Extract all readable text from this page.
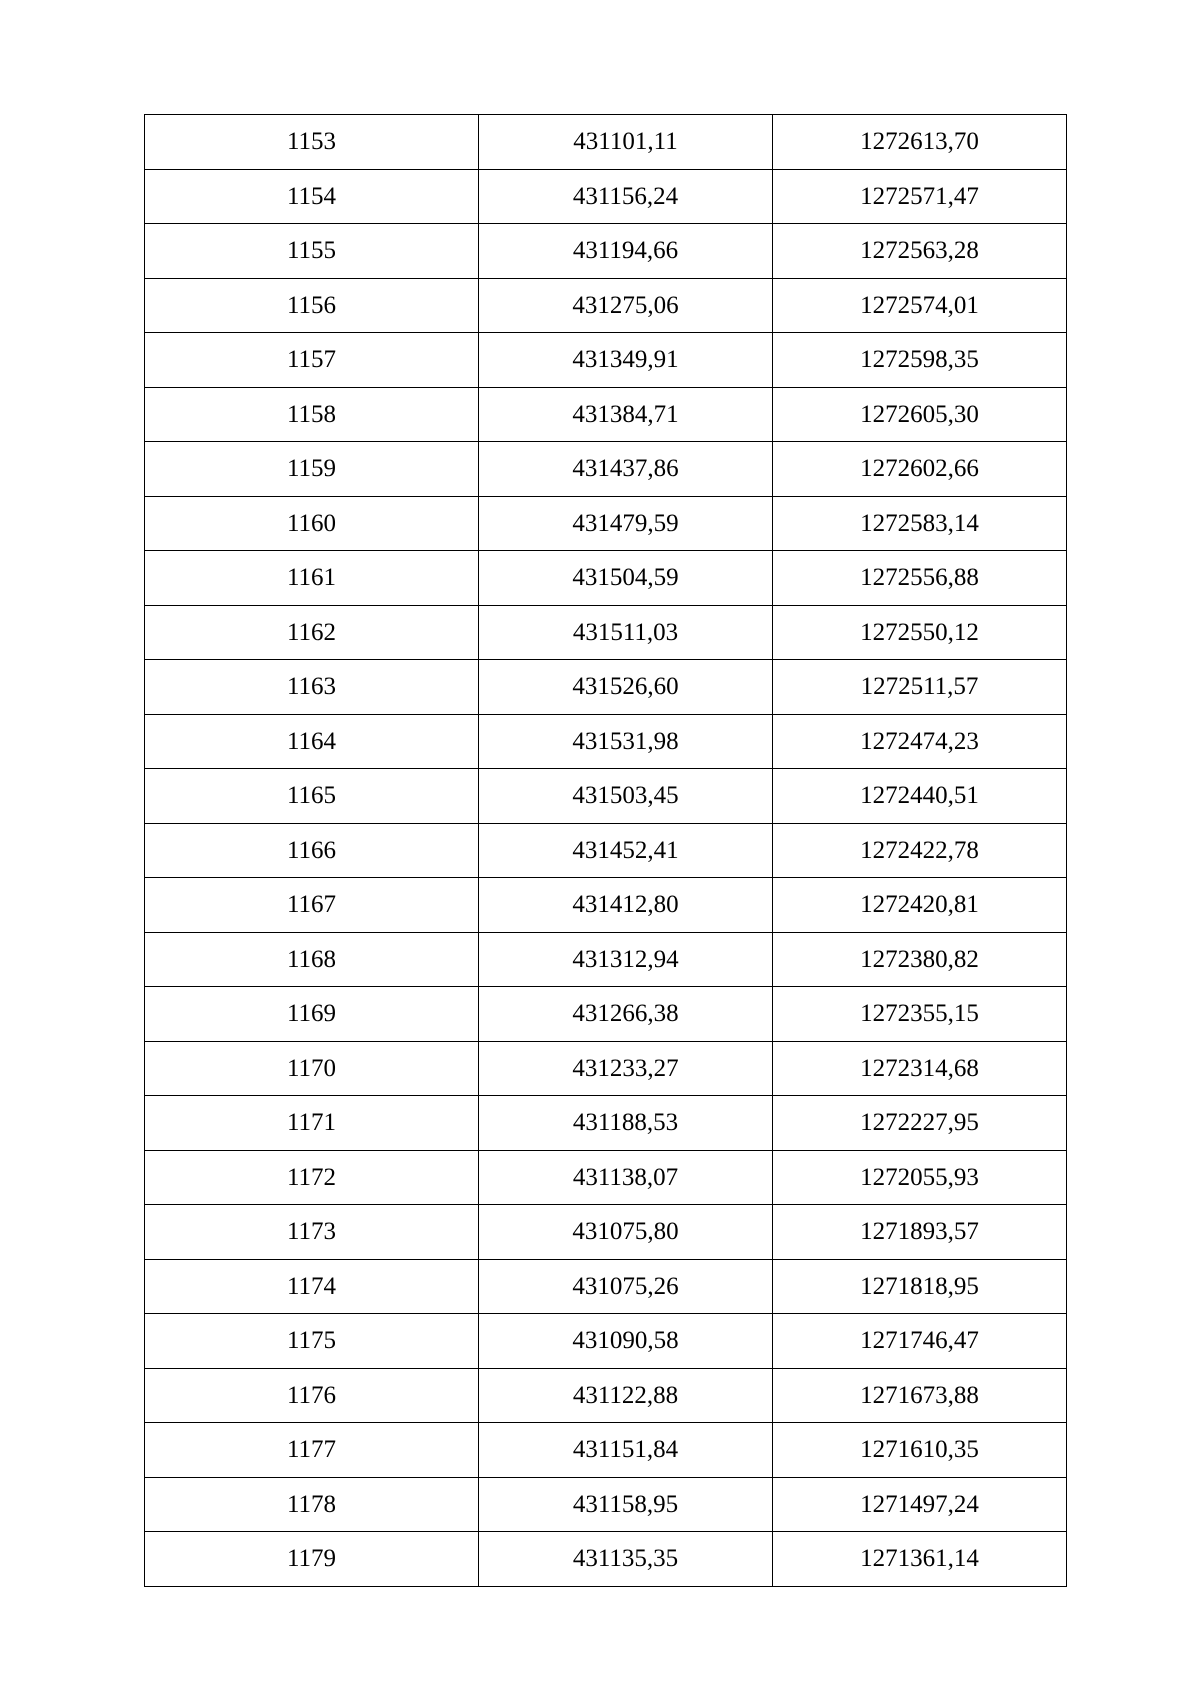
1153	431101,11	1272613,70
1154	431156,24	1272571,47
1155	431194,66	1272563,28
1156	431275,06	1272574,01
1157	431349,91	1272598,35
1158	431384,71	1272605,30
1159	431437,86	1272602,66
1160	431479,59	1272583,14
1161	431504,59	1272556,88
1162	431511,03	1272550,12
1163	431526,60	1272511,57
1164	431531,98	1272474,23
1165	431503,45	1272440,51
1166	431452,41	1272422,78
1167	431412,80	1272420,81
1168	431312,94	1272380,82
1169	431266,38	1272355,15
1170	431233,27	1272314,68
1171	431188,53	1272227,95
1172	431138,07	1272055,93
1173	431075,80	1271893,57
1174	431075,26	1271818,95
1175	431090,58	1271746,47
1176	431122,88	1271673,88
1177	431151,84	1271610,35
1178	431158,95	1271497,24
1179	431135,35	1271361,14
